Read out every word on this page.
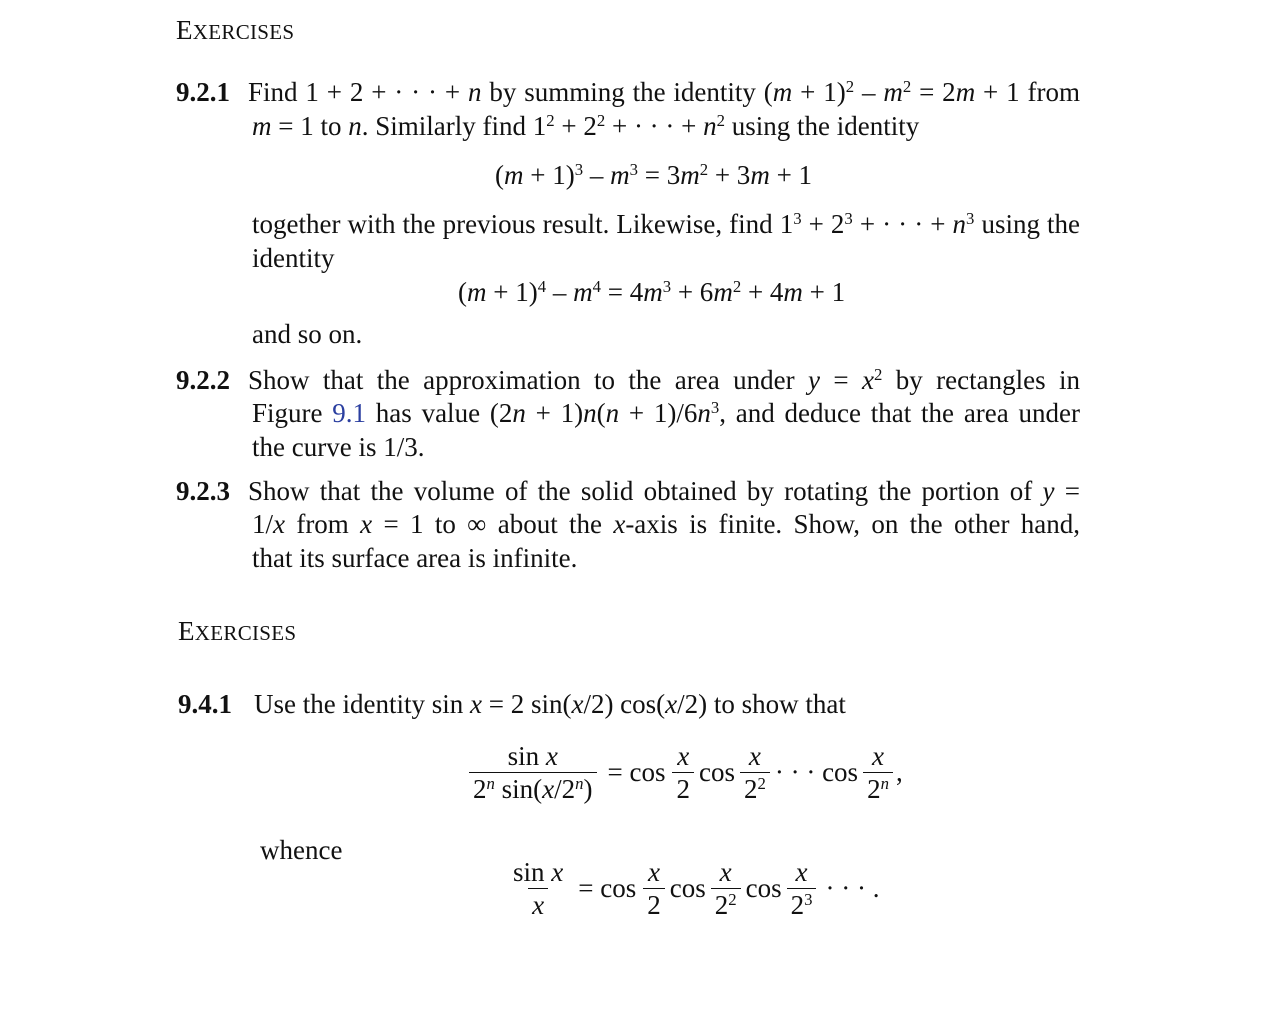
EXERCISES
9.2.1 Find 1 + 2 + · · · + n by summing the identity $(m + 1)^2 - m^2 = 2m + 1$ from
m = 1 to n. Similarly find $1^2 + 2^2$ + · · · + $n^2$ using the identity
$(m + 1)^3 - m^3 = 3m^2 + 3m + 1$
together with the previous result. Likewise, find $1^3 + 2^3$ + · · · + $n^3$ using the
identity
$(m + 1)^4 - m^4 = 4m^3 + 6m^2 + 4m + 1$
and so on.
9.2.2 Show that the approximation to the area under $y = x^2$ by rectangles in
Figure 9.1 has value $(2n + 1)n(n + 1)/6n^3$, and deduce that the area under
the curve is 1/3.
9.2.3 Show that the volume of the solid obtained by rotating the portion of y =
1/x from x = 1 to ∞ about the x-axis is finite. Show, on the other hand,
that its surface area is infinite.
EXERCISES
9.4.1 Use the identity sin x = 2 sin(x/2) cos(x/2) to show that
$\frac{\text{sin x}}{2^n \sin(x/2^n)} = \cos \frac{x}{2}$ $\cos \frac{x}{2^2}$ · · · $\cos \frac{x}{2^n}$ ,
whence
$\frac{\text{sin x}}{x} = \cos \frac{x}{2}$ $\cos \frac{x}{2^2}$ $\cos \frac{x}{2^3}$ · · · .
